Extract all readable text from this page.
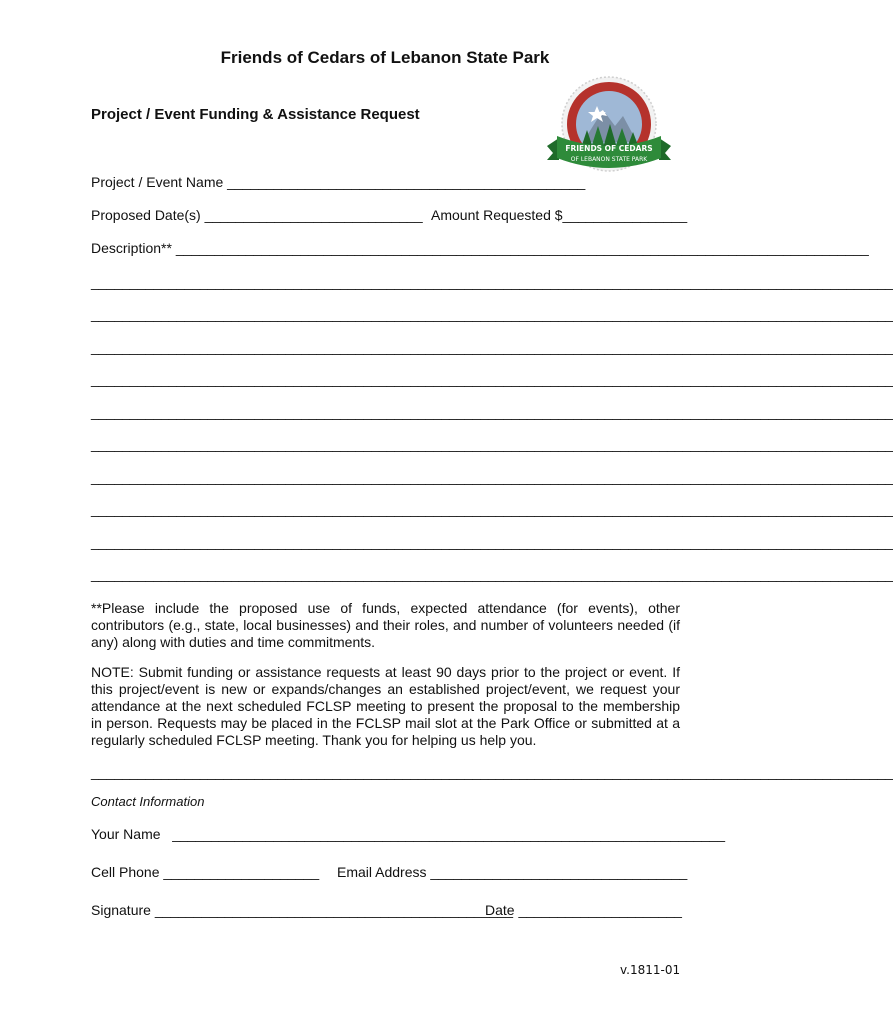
Friends of Cedars of Lebanon State Park
Project / Event Funding & Assistance Request
FRIENDS OF CEDARS
OF LEBANON STATE PARK
Project / Event Name ______________________________________________
Proposed Date(s) ____________________________ Amount Requested $________________
Description** _________________________________________________________________________________________
_______________________________________________________________________________________________________
_______________________________________________________________________________________________________
_______________________________________________________________________________________________________
_______________________________________________________________________________________________________
_______________________________________________________________________________________________________
_______________________________________________________________________________________________________
_______________________________________________________________________________________________________
_______________________________________________________________________________________________________
_______________________________________________________________________________________________________
_______________________________________________________________________________________________________
**Please include the proposed use of funds, expected attendance (for events), other contributors (e.g., state, local businesses) and their roles, and number of volunteers needed (if any) along with duties and time commitments.
NOTE: Submit funding or assistance requests at least 90 days prior to the project or event. If this project/event is new or expands/changes an established project/event, we request your attendance at the next scheduled FCLSP meeting to present the proposal to the membership in person. Requests may be placed in the FCLSP mail slot at the Park Office or submitted at a regularly scheduled FCLSP meeting. Thank you for helping us help you.
_______________________________________________________________________________________________________
Contact Information
Your Name   _______________________________________________________________________
Cell Phone ____________________ Email Address _________________________________
Signature ______________________________________________
Date _____________________
v.1811-01
